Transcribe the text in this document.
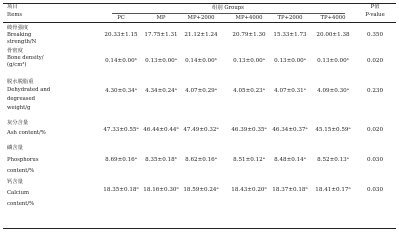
项目
Items
组别 Groups	P值
P-value
PC	MP	MP+2000	MP+4000	TP+2000	TP+4000
破骨强度
Breaking
strength/N
20.33±1.15 17.75±1.31 21.12±1.24	20.79±1.30 15.33±1.73 20.00±1.38	0.350
骨密度
Bone density/
(g/cm³)
0.14±0.00ᵇ 0.13±0.00ᵃ 0.14±0.00ᵇ	0.13±0.00ᵃ 0.13±0.00ᵃ 0.13±0.00ᵇ	0.020
脱水脱脂重
Dehydrated and
degreased
weight/g
4.30±0.34ᵃ 4.34±0.24ᵃ 4.07±0.29ᵃ	4.05±0.23ᵃ 4.07±0.31ᵃ 4.09±0.30ᵃ	0.230
灰分含量
Ash content/%	47.33±0.55ᵃ 46.44±0.44ᵇ 47.49±0.32ᵃ 46.39±0.35ᵃ 46.34±0.37ᵃ 45.15±0.59ᵃ	0.020
磷含量
Phosphorus
content/%
8.69±0.16ᵃ 8.35±0.18ᵇ 8.62±0.16ᵃ	8.51±0.12ᵃ 8.48±0.14ᵃ 8.52±0.13ᵃ	0.030
钙含量
Calcium
content/%
18.35±0.18ᵇ 18.16±0.30ᵇ 18.59±0.24ᵃ 18.43±0.20ᵇ 18.37±0.18ᵇ 18.41±0.17ᵇ	0.030
